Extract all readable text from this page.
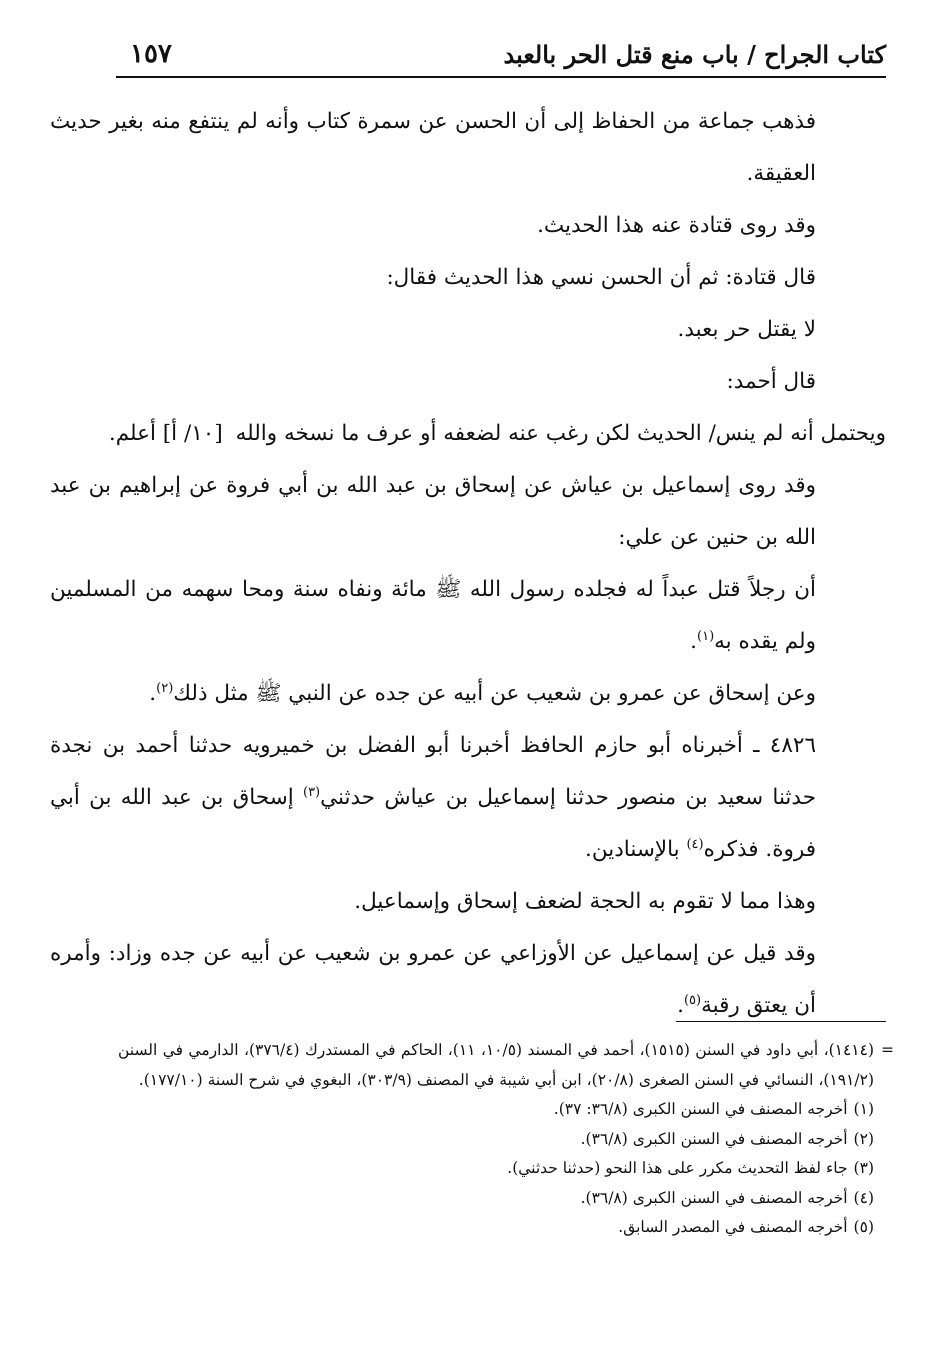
كتاب الجراح / باب منع قتل الحر بالعبد
١٥٧

فذهب جماعة من الحفاظ إلى أن الحسن عن سمرة كتاب وأنه لم ينتفع منه بغير حديث العقيقة.

وقد روى قتادة عنه هذا الحديث.

قال قتادة: ثم أن الحسن نسي هذا الحديث فقال:

لا يقتل حر بعبد.

قال أحمد:

ويحتمل أنه لم ينس/ الحديث لكن رغب عنه لضعفه أو عرف ما نسخه والله [١٠/ أ] أعلم.

وقد روى إسماعيل بن عياش عن إسحاق بن عبد الله بن أبي فروة عن إبراهيم بن عبد الله بن حنين عن علي:

أن رجلاً قتل عبداً له فجلده رسول الله ﷺ مائة ونفاه سنة ومحا سهمه من المسلمين ولم يقده به$^{(١)}$.

وعن إسحاق عن عمرو بن شعيب عن أبيه عن جده عن النبي ﷺ مثل ذلك$^{(٢)}$.

٤٨٢٦ ـ أخبرناه أبو حازم الحافظ أخبرنا أبو الفضل بن خميرويه حدثنا أحمد بن نجدة حدثنا سعيد بن منصور حدثنا إسماعيل بن عياش حدثني$^{(٣)}$ إسحاق بن عبد الله بن أبي فروة. فذكره$^{(٤)}$ بالإسنادين.

وهذا مما لا تقوم به الحجة لضعف إسحاق وإسماعيل.

وقد قيل عن إسماعيل عن الأوزاعي عن عمرو بن شعيب عن أبيه عن جده وزاد: وأمره أن يعتق رقبة$^{(٥)}$.

=
(١٤١٤)، أبي داود في السنن (١٥١٥)، أحمد في المسند (١٠/٥، ١١)، الحاكم في المستدرك (٣٧٦/٤)، الدارمي في السنن (١٩١/٢)، النسائي في السنن الصغرى (٢٠/٨)، ابن أبي شيبة في المصنف (٣٠٣/٩)، البغوي في شرح السنة (١٧٧/١٠).

(١)أخرجه المصنف في السنن الكبرى (٣٦/٨: ٣٧).

(٢)أخرجه المصنف في السنن الكبرى (٣٦/٨).

(٣)جاء لفظ التحديث مكرر على هذا النحو (حدثنا حدثني).

(٤)أخرجه المصنف في السنن الكبرى (٣٦/٨).

(٥)أخرجه المصنف في المصدر السابق.
